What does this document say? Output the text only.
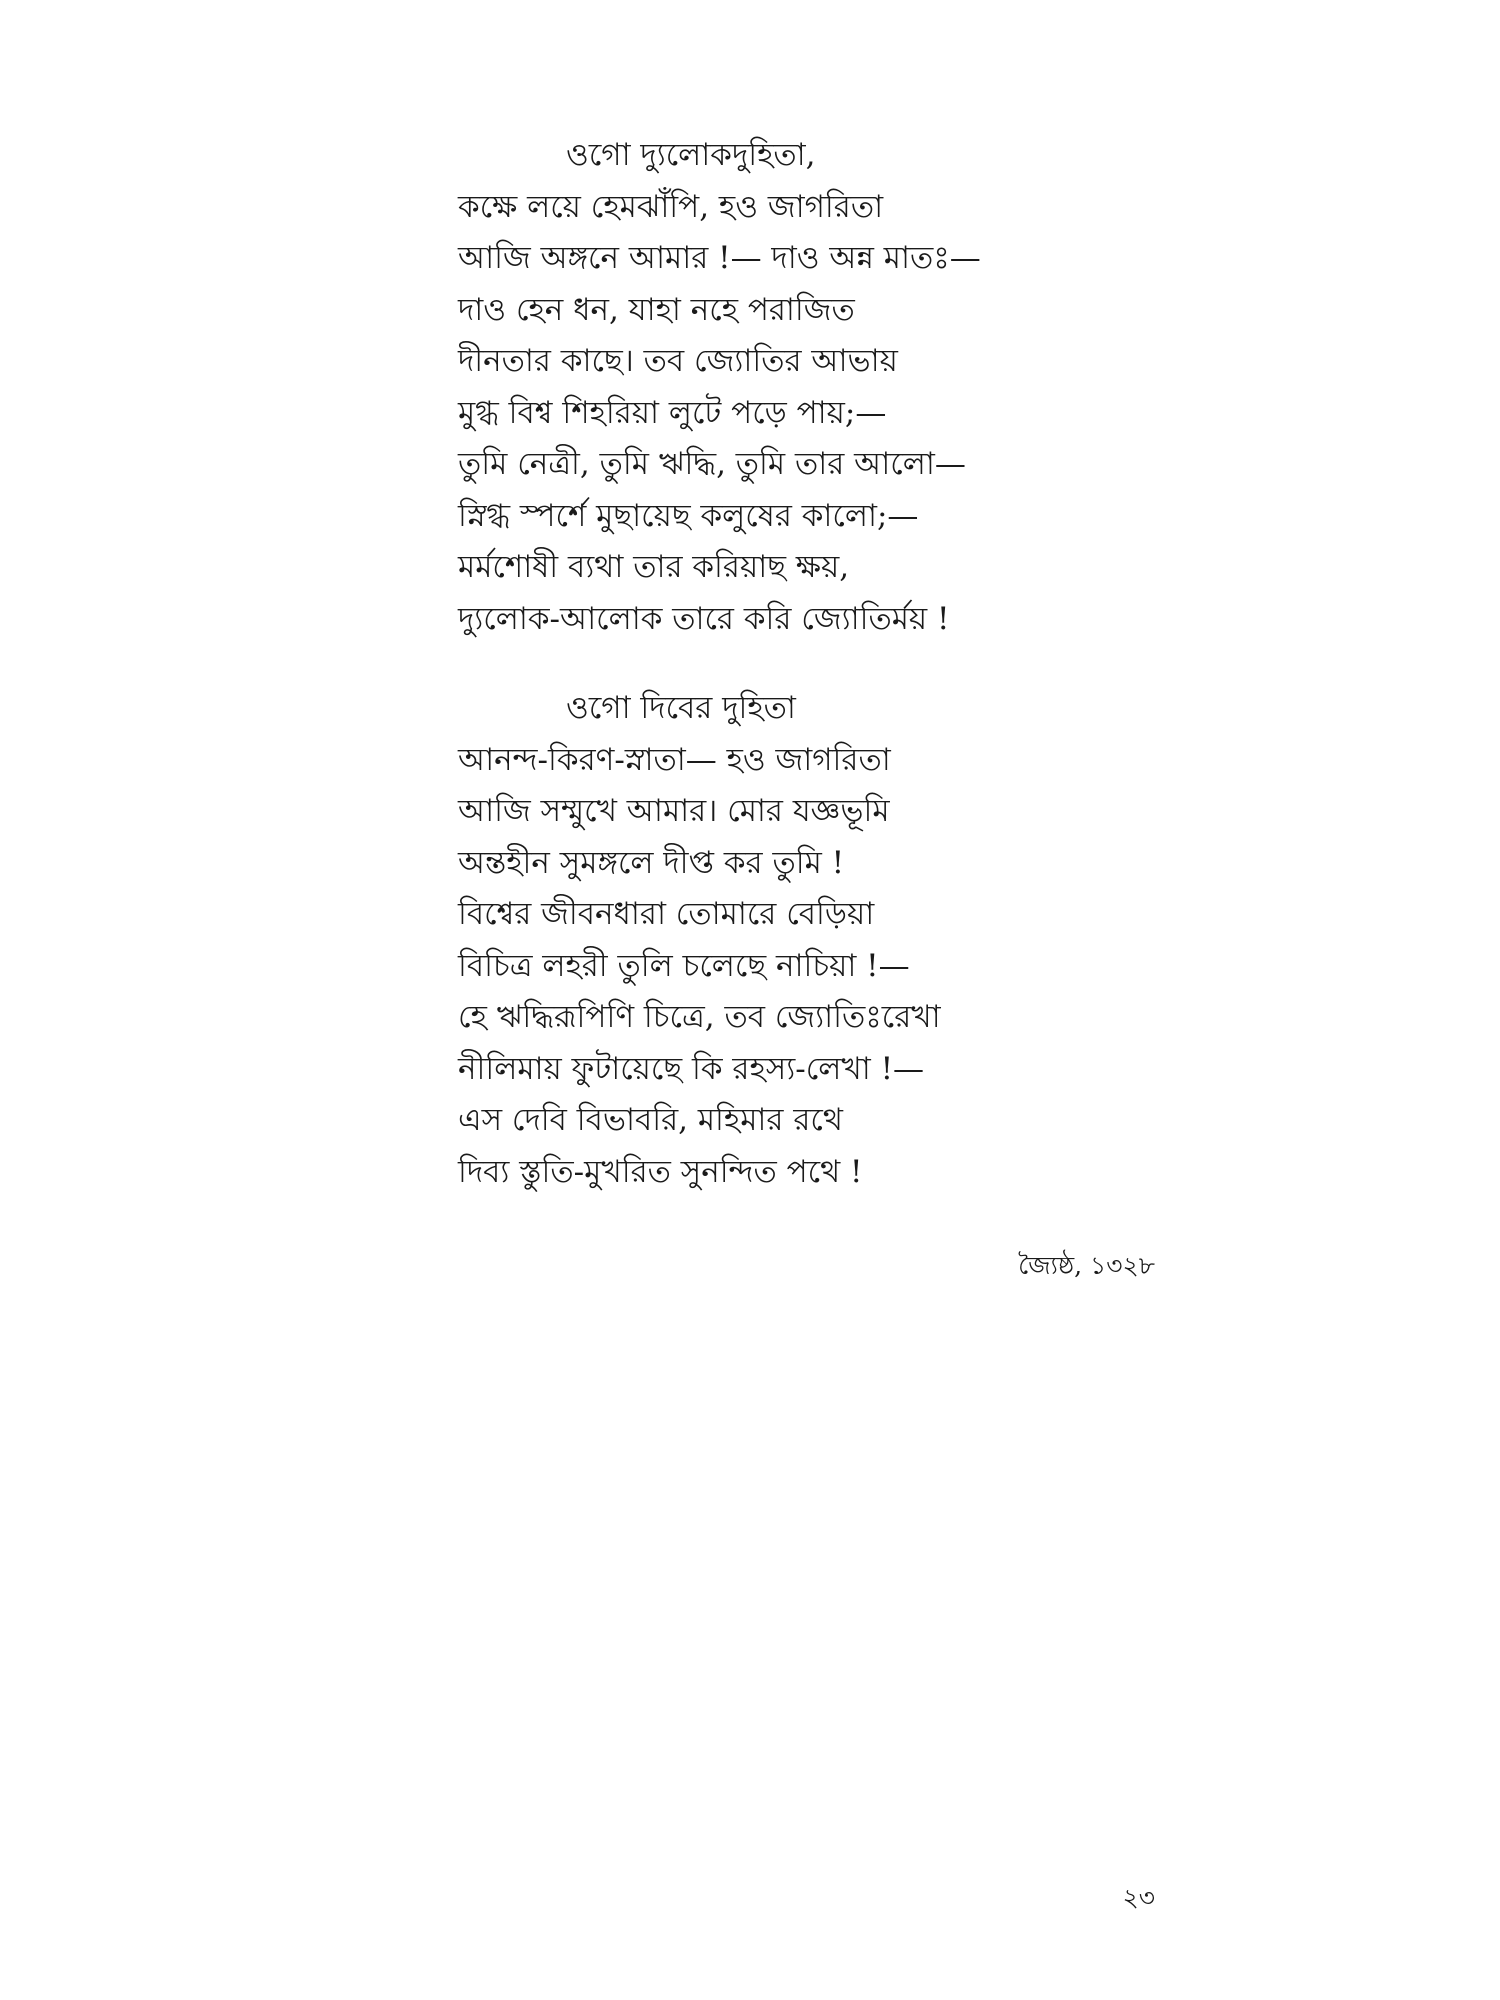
ওগো দ্যুলোকদুহিতা,
কক্ষে লয়ে হেমঝাঁপি, হও জাগরিতা
আজি অঙ্গনে আমার !— দাও অন্ন মাতঃ—
দাও হেন ধন, যাহা নহে পরাজিত
দীনতার কাছে। তব জ্যোতির আভায়
মুগ্ধ বিশ্ব শিহরিয়া লুটে পড়ে পায়;—
তুমি নেত্রী, তুমি ঋদ্ধি, তুমি তার আলো—
স্নিগ্ধ স্পর্শে মুছায়েছ কলুষের কালো;—
মর্মশোষী ব্যথা তার করিয়াছ ক্ষয়,
দ্যুলোক-আলোক তারে করি জ্যোতির্ময় !
ওগো দিবের দুহিতা
আনন্দ-কিরণ-স্নাতা— হও জাগরিতা
আজি সম্মুখে আমার। মোর যজ্ঞভূমি
অন্তহীন সুমঙ্গলে দীপ্ত কর তুমি !
বিশ্বের জীবনধারা তোমারে বেড়িয়া
বিচিত্র লহরী তুলি চলেছে নাচিয়া !—
হে ঋদ্ধিরূপিণি চিত্রে, তব জ্যোতিঃরেখা
নীলিমায় ফুটায়েছে কি রহস্য-লেখা !—
এস দেবি বিভাবরি, মহিমার রথে
দিব্য স্তুতি-মুখরিত সুনন্দিত পথে !
জ্যৈষ্ঠ, ১৩২৮
২৩
